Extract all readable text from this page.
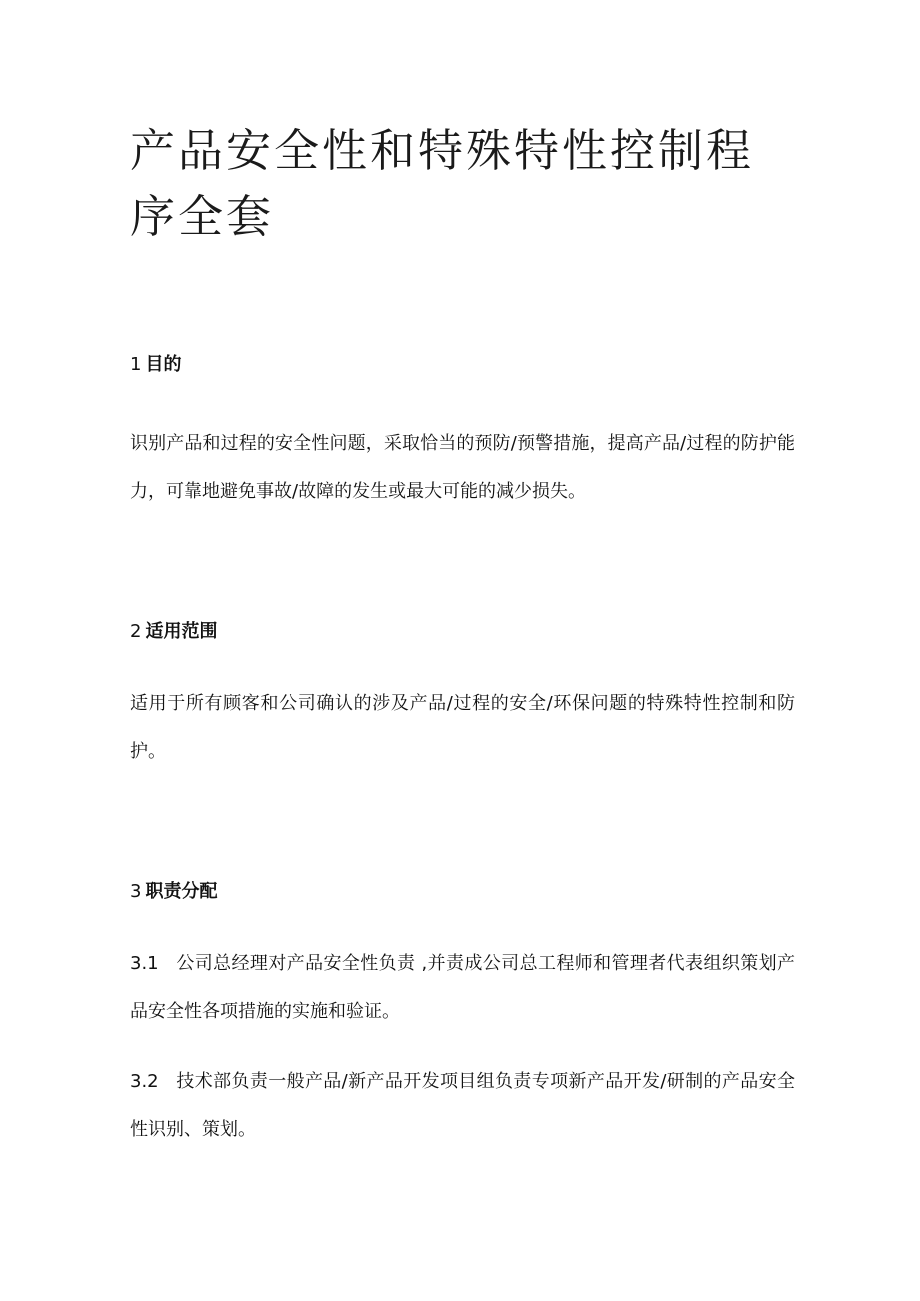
产品安全性和特殊特性控制程序全套
1 目的

识别产品和过程的安全性问题，采取恰当的预防/预警措施，提高产品/过程的防护能力，可靠地避免事故/故障的发生或最大可能的减少损失。

2 适用范围

适用于所有顾客和公司确认的涉及产品/过程的安全/环保问题的特殊特性控制和防护。

3 职责分配

3.1 公司总经理对产品安全性负责 ,并责成公司总工程师和管理者代表组织策划产品安全性各项措施的实施和验证。

3.2 技术部负责一般产品/新产品开发项目组负责专项新产品开发/研制的产品安全性识别、策划。
